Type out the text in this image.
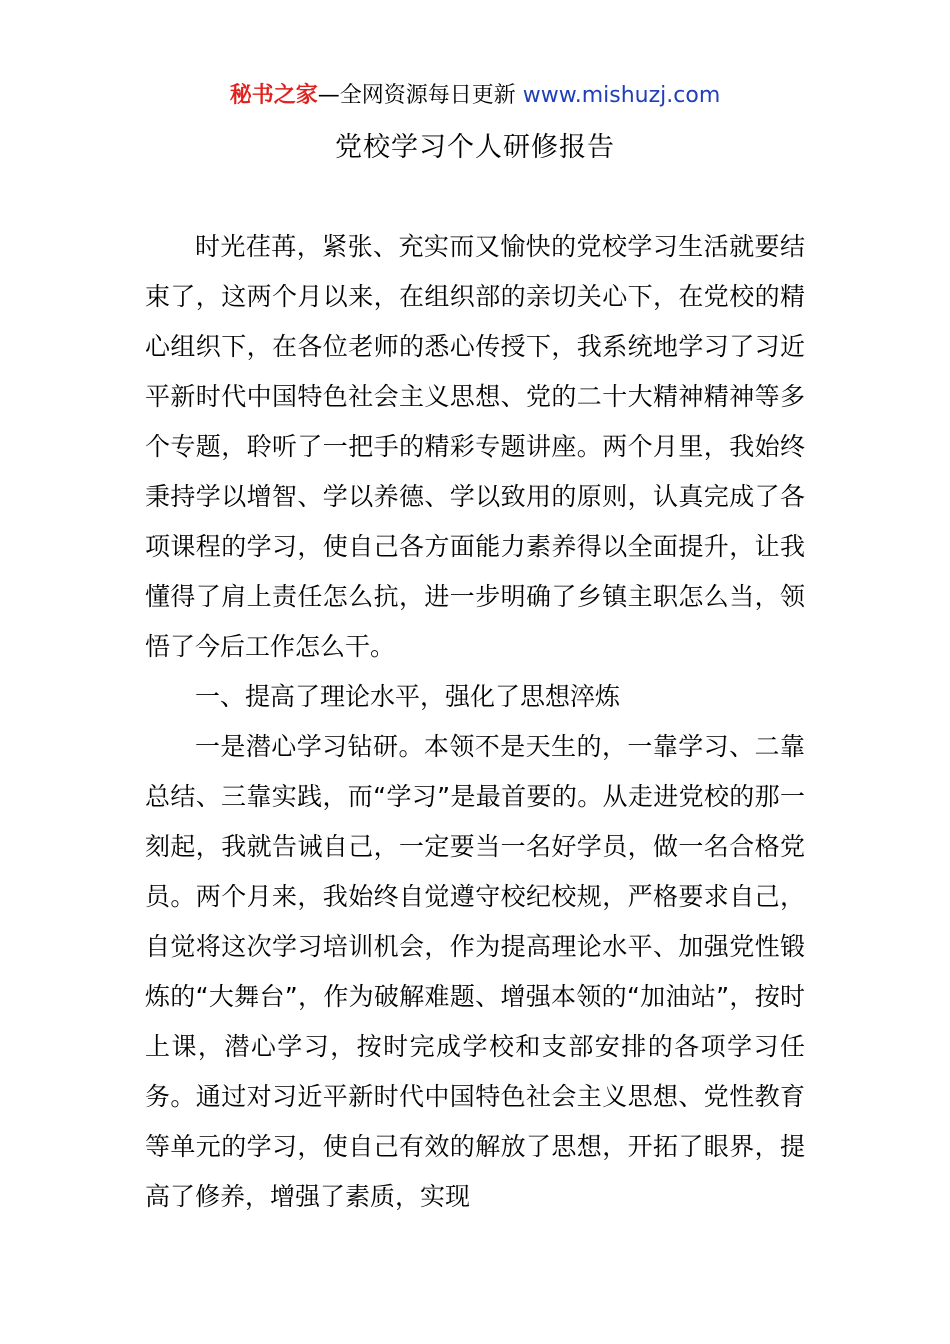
秘书之家—全网资源每日更新 www.mishuzj.com
党校学习个人研修报告

时光荏苒，紧张、充实而又愉快的党校学习生活就要结束了，这两个月以来，在组织部的亲切关心下，在党校的精心组织下，在各位老师的悉心传授下，我系统地学习了习近平新时代中国特色社会主义思想、党的二十大精神精神等多个专题，聆听了一把手的精彩专题讲座。两个月里，我始终秉持学以增智、学以养德、学以致用的原则，认真完成了各项课程的学习，使自己各方面能力素养得以全面提升，让我懂得了肩上责任怎么抗，进一步明确了乡镇主职怎么当，领悟了今后工作怎么干。

一、提高了理论水平，强化了思想淬炼

一是潜心学习钻研。本领不是天生的，一靠学习、二靠总结、三靠实践，而“学习”是最首要的。从走进党校的那一刻起，我就告诫自己，一定要当一名好学员，做一名合格党员。两个月来，我始终自觉遵守校纪校规，严格要求自己，自觉将这次学习培训机会，作为提高理论水平、加强党性锻炼的“大舞台”，作为破解难题、增强本领的“加油站”，按时上课，潜心学习，按时完成学校和支部安排的各项学习任务。通过对习近平新时代中国特色社会主义思想、党性教育等单元的学习，使自己有效的解放了思想，开拓了眼界，提高了修养，增强了素质，实现
